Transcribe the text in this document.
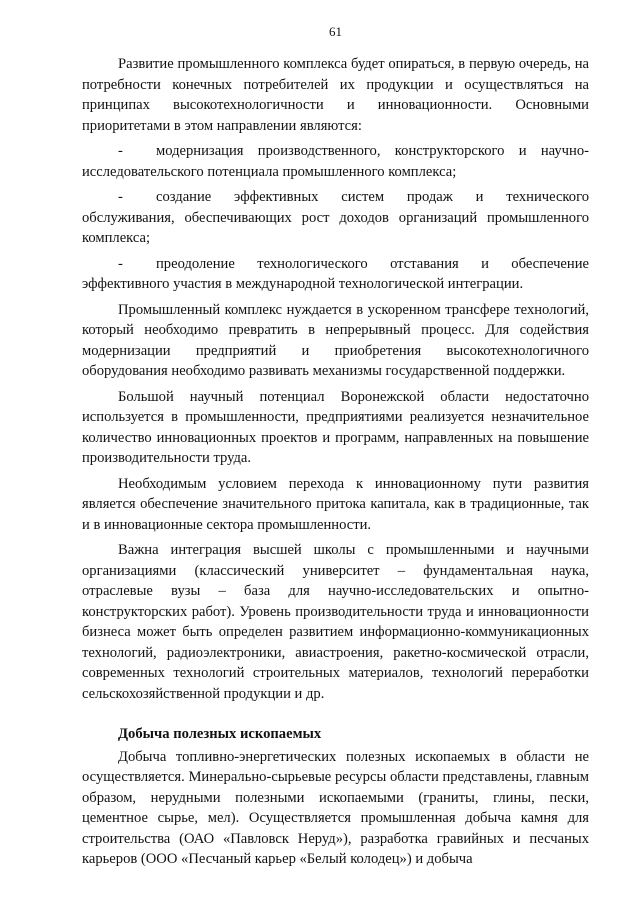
61

Развитие промышленного комплекса будет опираться, в первую очередь, на потребности конечных потребителей их продукции и осуществляться на принципах высокотехнологичности и инновационности. Основными приоритетами в этом направлении являются:

- модернизация производственного, конструкторского и научно-исследовательского потенциала промышленного комплекса;

- создание эффективных систем продаж и технического обслуживания, обеспечивающих рост доходов организаций промышленного комплекса;

- преодоление технологического отставания и обеспечение эффективного участия в международной технологической интеграции.

Промышленный комплекс нуждается в ускоренном трансфере технологий, который необходимо превратить в непрерывный процесс. Для содействия модернизации предприятий и приобретения высокотехнологичного оборудования необходимо развивать механизмы государственной поддержки.

Большой научный потенциал Воронежской области недостаточно используется в промышленности, предприятиями реализуется незначительное количество инновационных проектов и программ, направленных на повышение производительности труда.

Необходимым условием перехода к инновационному пути развития является обеспечение значительного притока капитала, как в традиционные, так и в инновационные сектора промышленности.

Важна интеграция высшей школы с промышленными и научными организациями (классический университет – фундаментальная наука, отраслевые вузы – база для научно-исследовательских и опытно-конструкторских работ). Уровень производительности труда и инновационности бизнеса может быть определен развитием информационно-коммуникационных технологий, радиоэлектроники, авиастроения, ракетно-космической отрасли, современных технологий строительных материалов, технологий переработки сельскохозяйственной продукции и др.

Добыча полезных ископаемых

Добыча топливно-энергетических полезных ископаемых в области не осуществляется. Минерально-сырьевые ресурсы области представлены, главным образом, нерудными полезными ископаемыми (граниты, глины, пески, цементное сырье, мел). Осуществляется промышленная добыча камня для строительства (ОАО «Павловск Неруд»), разработка гравийных и песчаных карьеров (ООО «Песчаный карьер «Белый колодец») и добыча
